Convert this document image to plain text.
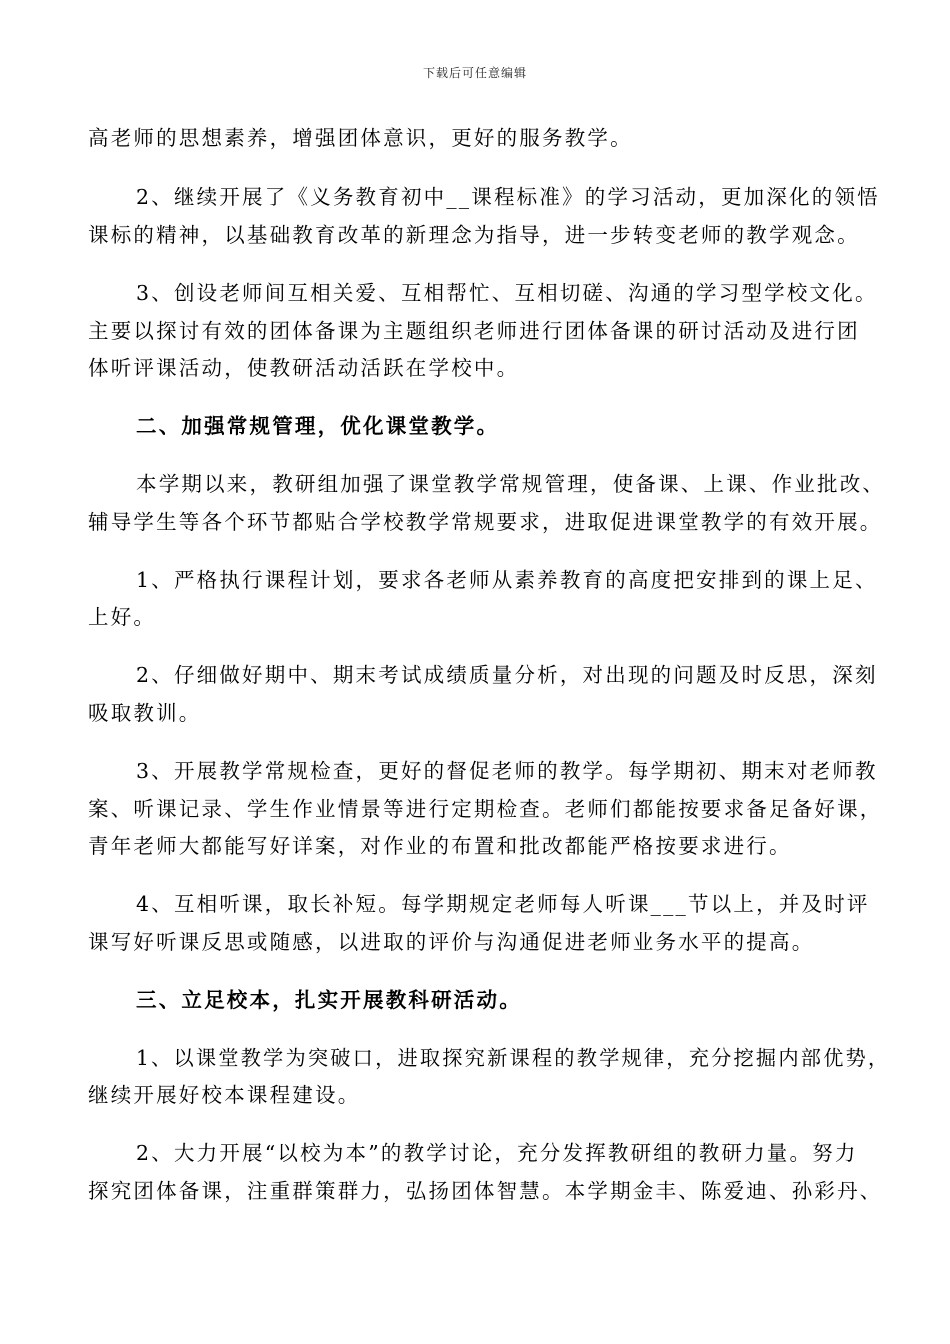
下载后可任意编辑
高老师的思想素养，增强团体意识，更好的服务教学。
2、继续开展了《义务教育初中__课程标准》的学习活动，更加深化的领悟
课标的精神，以基础教育改革的新理念为指导，进一步转变老师的教学观念。
3、创设老师间互相关爱、互相帮忙、互相切磋、沟通的学习型学校文化。
主要以探讨有效的团体备课为主题组织老师进行团体备课的研讨活动及进行团
体听评课活动，使教研活动活跃在学校中。
二、加强常规管理，优化课堂教学。
本学期以来，教研组加强了课堂教学常规管理，使备课、上课、作业批改、
辅导学生等各个环节都贴合学校教学常规要求，进取促进课堂教学的有效开展。
1、严格执行课程计划，要求各老师从素养教育的高度把安排到的课上足、
上好。
2、仔细做好期中、期末考试成绩质量分析，对出现的问题及时反思，深刻
吸取教训。
3、开展教学常规检查，更好的督促老师的教学。每学期初、期末对老师教
案、听课记录、学生作业情景等进行定期检查。老师们都能按要求备足备好课，
青年老师大都能写好详案，对作业的布置和批改都能严格按要求进行。
4、互相听课，取长补短。每学期规定老师每人听课___节以上，并及时评
课写好听课反思或随感，以进取的评价与沟通促进老师业务水平的提高。
三、立足校本，扎实开展教科研活动。
1、以课堂教学为突破口，进取探究新课程的教学规律，充分挖掘内部优势，
继续开展好校本课程建设。
2、大力开展“以校为本”的教学讨论，充分发挥教研组的教研力量。努力
探究团体备课，注重群策群力，弘扬团体智慧。本学期金丰、陈爱迪、孙彩丹、
